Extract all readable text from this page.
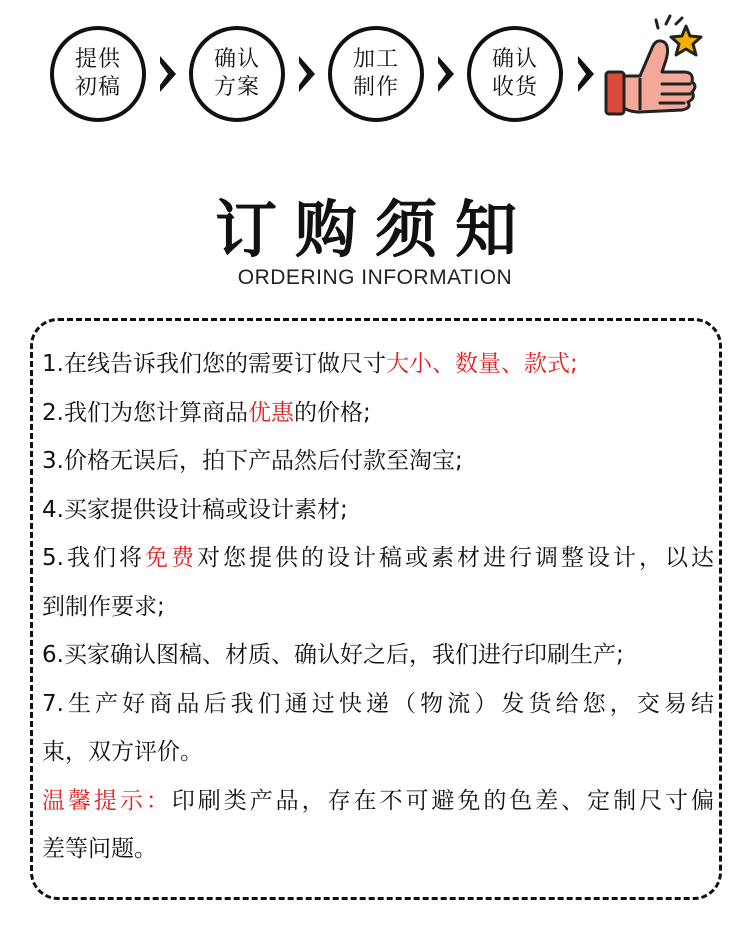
提供
初稿
确认
方案
加工
制作
确认
收货
订购须知
ORDERING INFORMATION
1.在线告诉我们您的需要订做尺寸大小、数量、款式;
2.我们为您计算商品优惠的价格;
3.价格无误后，拍下产品然后付款至淘宝;
4.买家提供设计稿或设计素材;
5.我们将免费对您提供的设计稿或素材进行调整设计，以达
到制作要求;
6.买家确认图稿、材质、确认好之后，我们进行印刷生产;
7.生产好商品后我们通过快递（物流）发货给您，交易结
束，双方评价。
温馨提示：印刷类产品，存在不可避免的色差、定制尺寸偏
差等问题。
